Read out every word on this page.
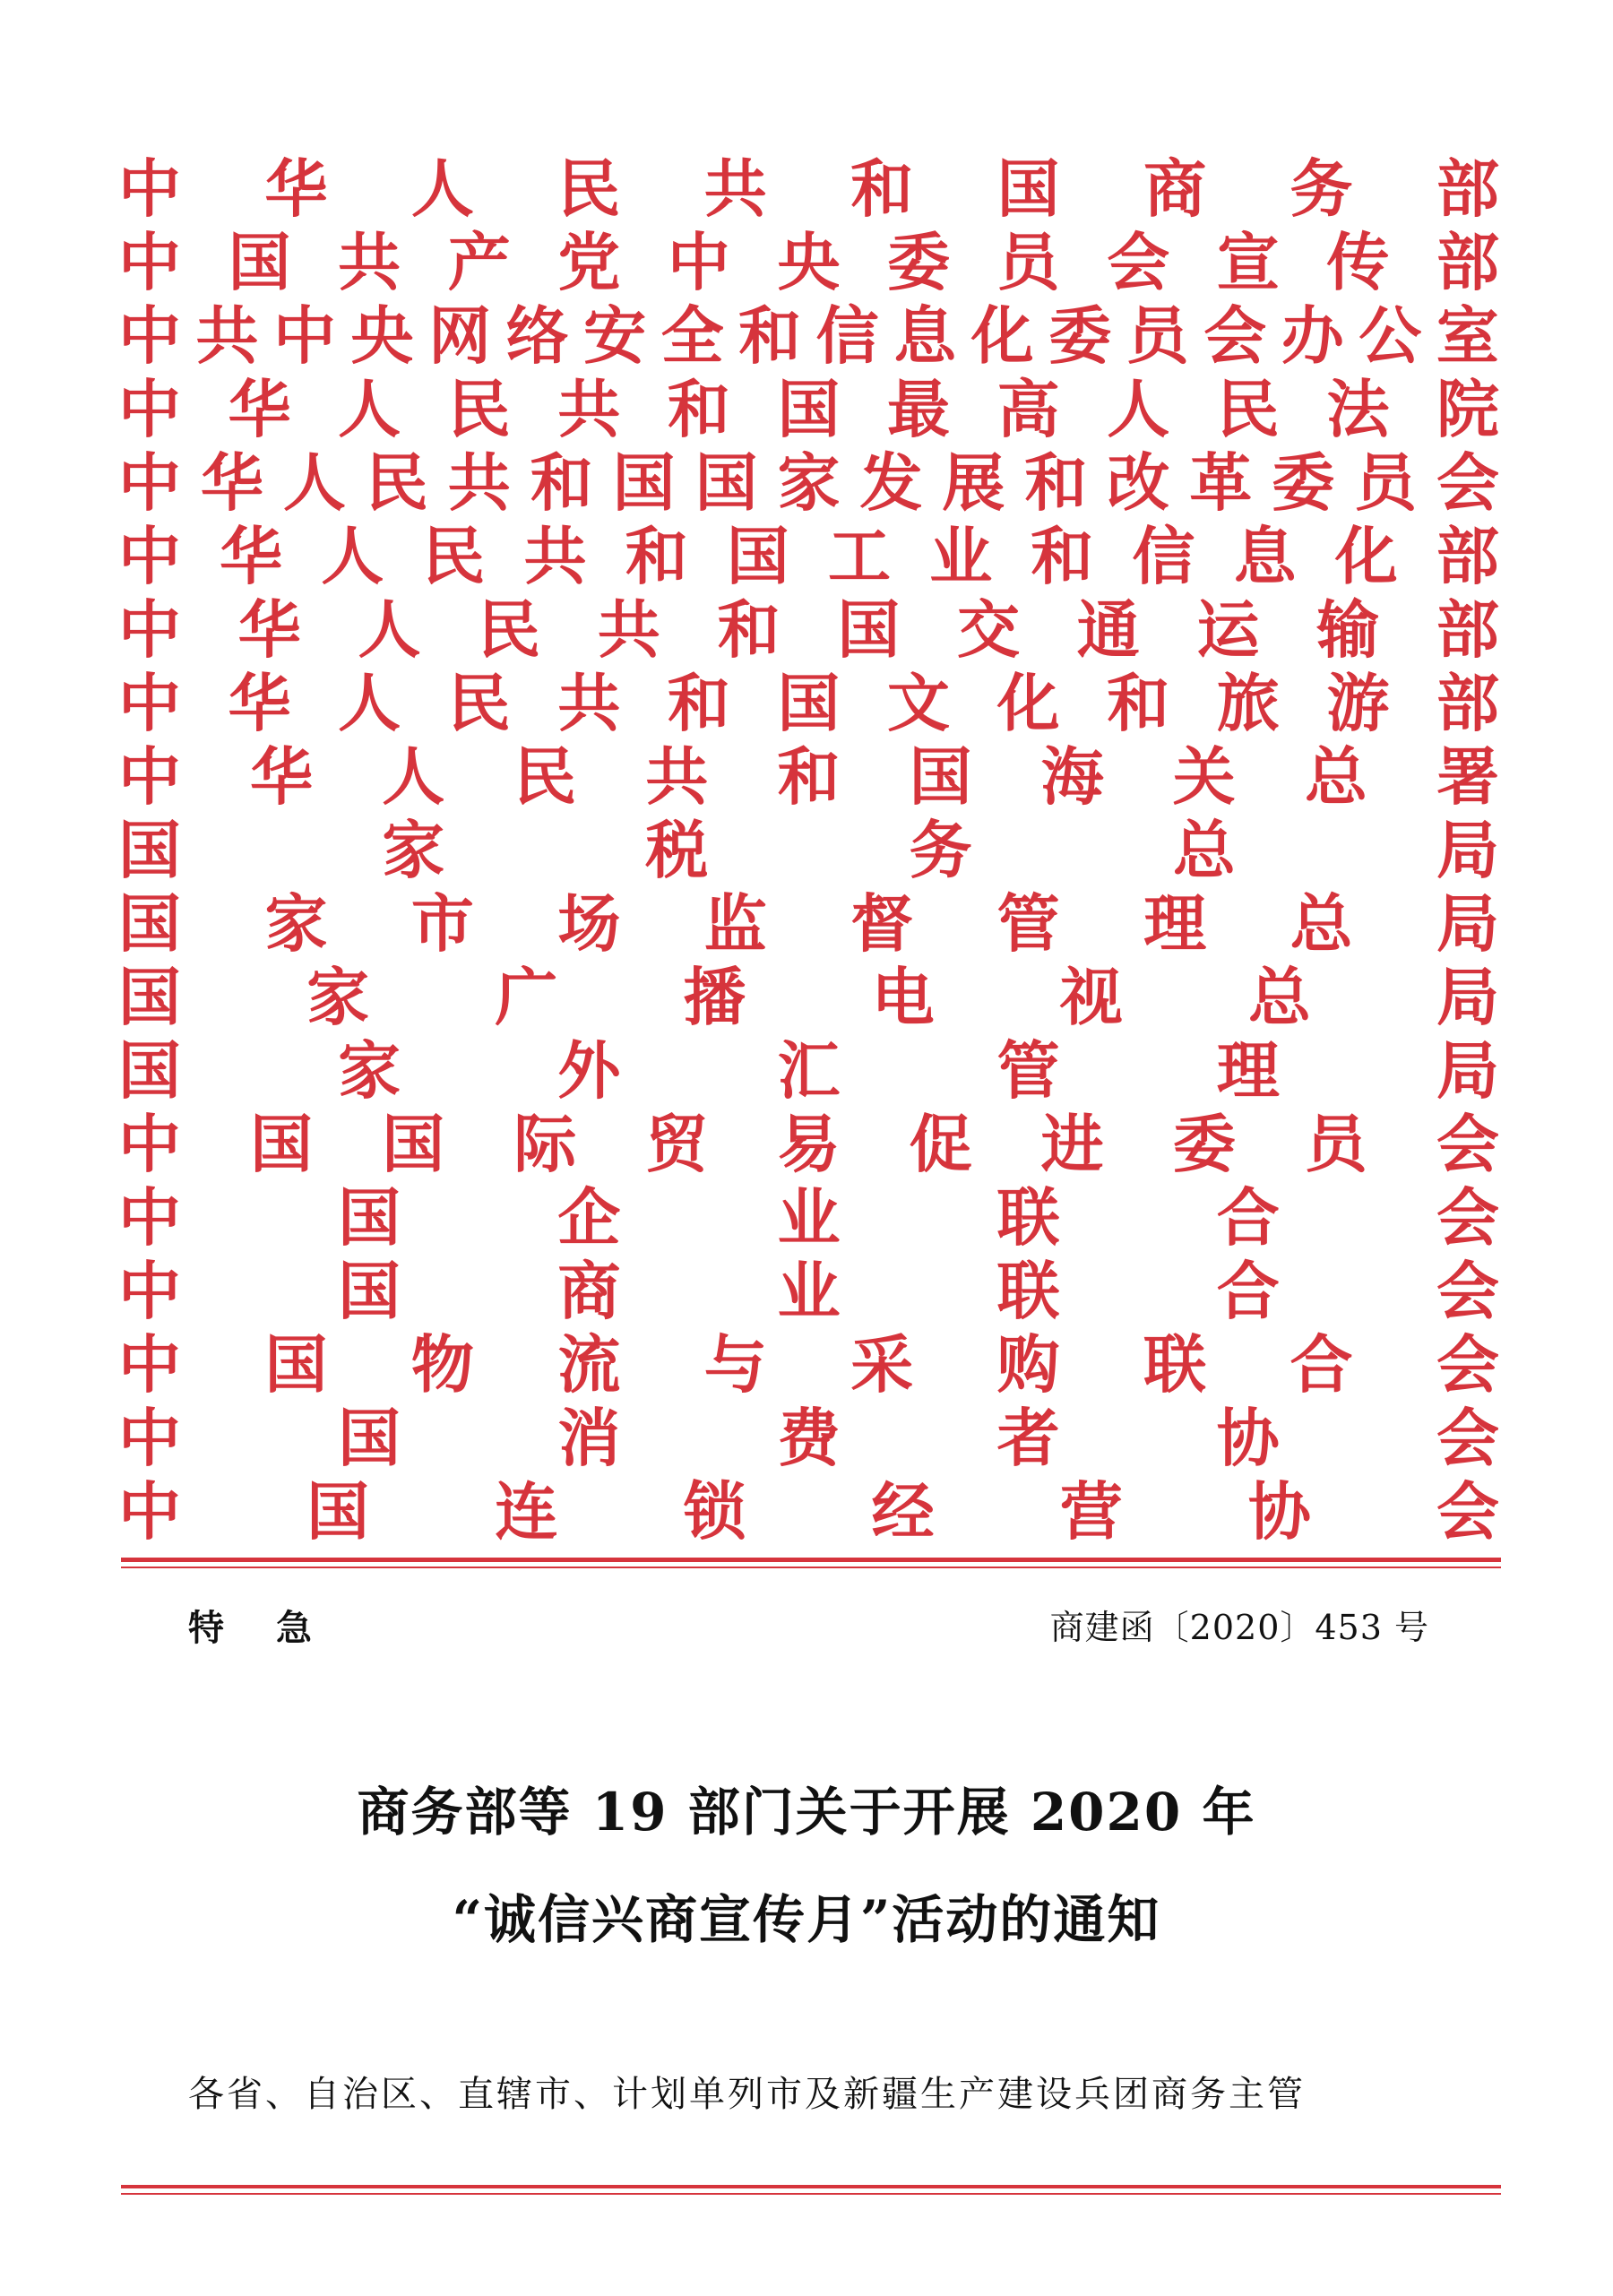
中 华 人 民 共 和 国 商 务 部
中 国 共 产 党 中 央 委 员 会 宣 传 部
中 共 中 央 网 络 安 全 和 信 息 化 委 员 会 办 公 室
中 华 人 民 共 和 国 最 高 人 民 法 院
中 华 人 民 共 和 国 国 家 发 展 和 改 革 委 员 会
中 华 人 民 共 和 国 工 业 和 信 息 化 部
中 华 人 民 共 和 国 交 通 运 输 部
中 华 人 民 共 和 国 文 化 和 旅 游 部
中 华 人 民 共 和 国 海 关 总 署
国	家	税	务	总	局
国 家 市 场 监 督 管 理 总 局
国 家 广 播 电 视 总 局
国	家	外	汇	管	理	局
中 国 国 际 贸 易 促 进 委 员 会
中	国	企	业	联	合	会
中	国	商	业	联	合	会
中 国 物 流 与 采 购 联 合 会
中	国	消	费	者	协	会
中 国 连 锁 经 营 协 会
特急	商建函〔2020〕453 号
商务部等 19 部门关于开展 2020 年
“诚信兴商宣传月”活动的通知
各省、自治区、直辖市、计划单列市及新疆生产建设兵团商务主管
